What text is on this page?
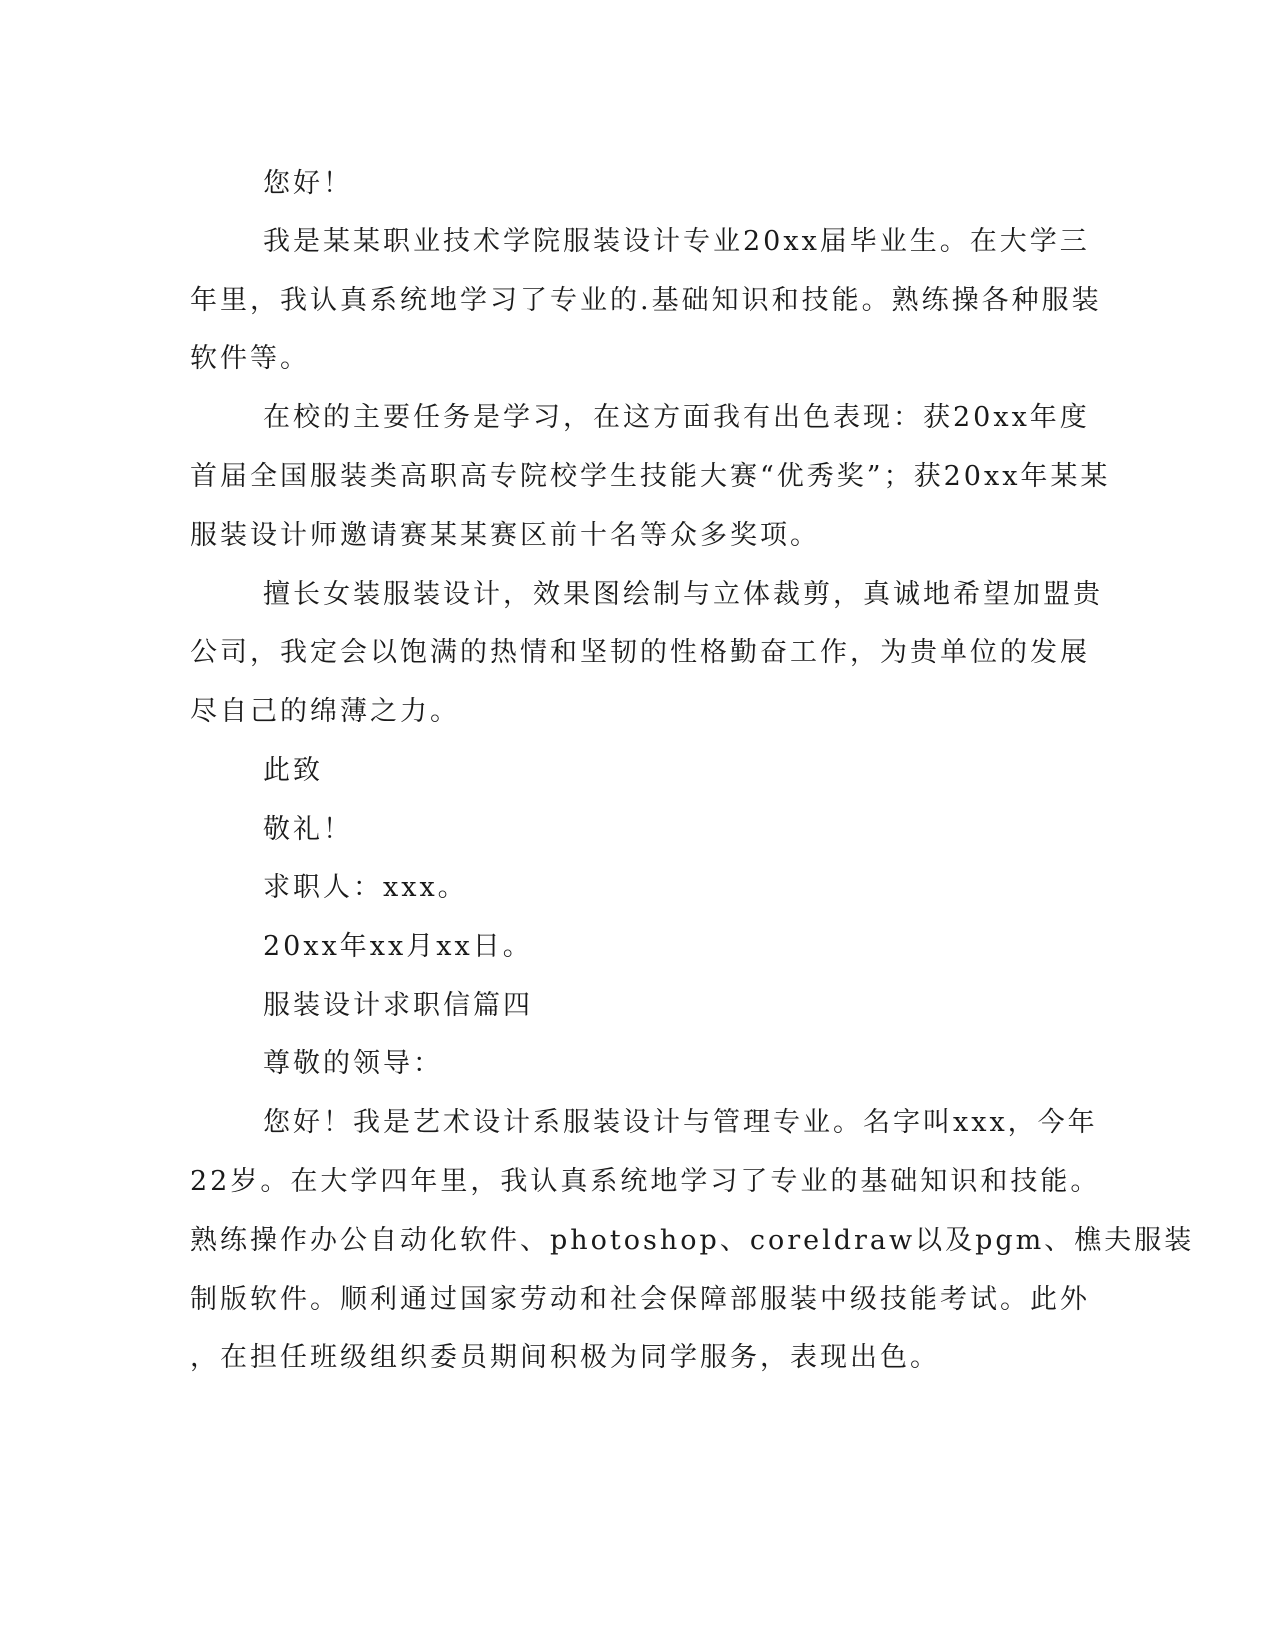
您好！
我是某某职业技术学院服装设计专业20xx届毕业生。在大学三
年里，我认真系统地学习了专业的.基础知识和技能。熟练操各种服装
软件等。
在校的主要任务是学习，在这方面我有出色表现：获20xx年度
首届全国服装类高职高专院校学生技能大赛“优秀奖”；获20xx年某某
服装设计师邀请赛某某赛区前十名等众多奖项。
擅长女装服装设计，效果图绘制与立体裁剪，真诚地希望加盟贵
公司，我定会以饱满的热情和坚韧的性格勤奋工作，为贵单位的发展
尽自己的绵薄之力。
此致
敬礼！
求职人：xxx。
20xx年xx月xx日。
服装设计求职信篇四
尊敬的领导：
您好！我是艺术设计系服装设计与管理专业。名字叫xxx，今年
22岁。在大学四年里，我认真系统地学习了专业的基础知识和技能。
熟练操作办公自动化软件、photoshop、coreldraw以及pgm、樵夫服装
制版软件。顺利通过国家劳动和社会保障部服装中级技能考试。此外
，在担任班级组织委员期间积极为同学服务，表现出色。
